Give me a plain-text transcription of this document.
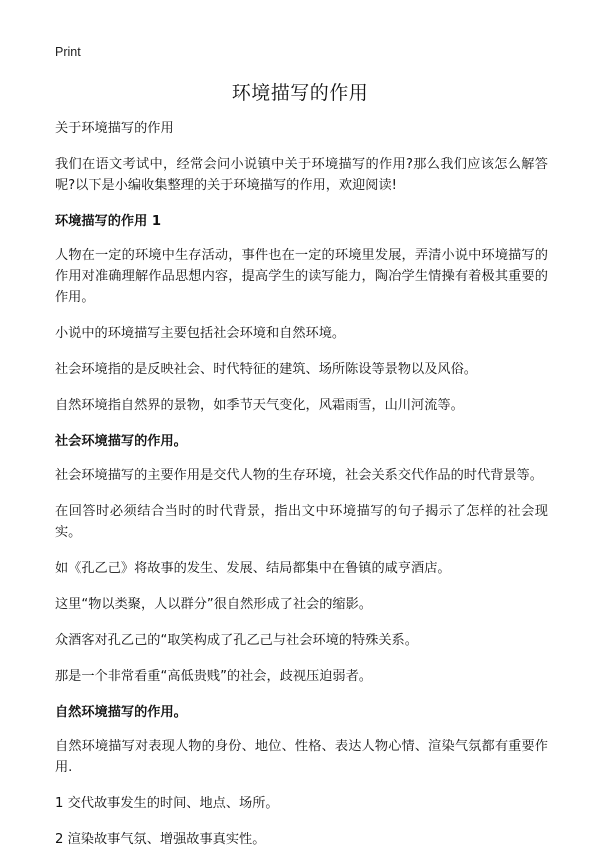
Print
环境描写的作用

关于环境描写的作用

我们在语文考试中，经常会问小说镇中关于环境描写的作用?那么我们应该怎么解答呢?以下是小编收集整理的关于环境描写的作用，欢迎阅读!

环境描写的作用 1

人物在一定的环境中生存活动，事件也在一定的环境里发展，弄清小说中环境描写的作用对准确理解作品思想内容，提高学生的读写能力，陶冶学生情操有着极其重要的作用。

小说中的环境描写主要包括社会环境和自然环境。

社会环境指的是反映社会、时代特征的建筑、场所陈设等景物以及风俗。

自然环境指自然界的景物，如季节天气变化，风霜雨雪，山川河流等。

社会环境描写的作用。

社会环境描写的主要作用是交代人物的生存环境，社会关系交代作品的时代背景等。

在回答时必须结合当时的时代背景，指出文中环境描写的句子揭示了怎样的社会现实。

如《孔乙己》将故事的发生、发展、结局都集中在鲁镇的咸亨酒店。

这里“物以类聚，人以群分”很自然形成了社会的缩影。

众酒客对孔乙己的“取笑构成了孔乙己与社会环境的特殊关系。

那是一个非常看重“高低贵贱”的社会，歧视压迫弱者。

自然环境描写的作用。

自然环境描写对表现人物的身份、地位、性格、表达人物心情、渲染气氛都有重要作用.

1 交代故事发生的时间、地点、场所。

2 渲染故事气氛、增强故事真实性。
